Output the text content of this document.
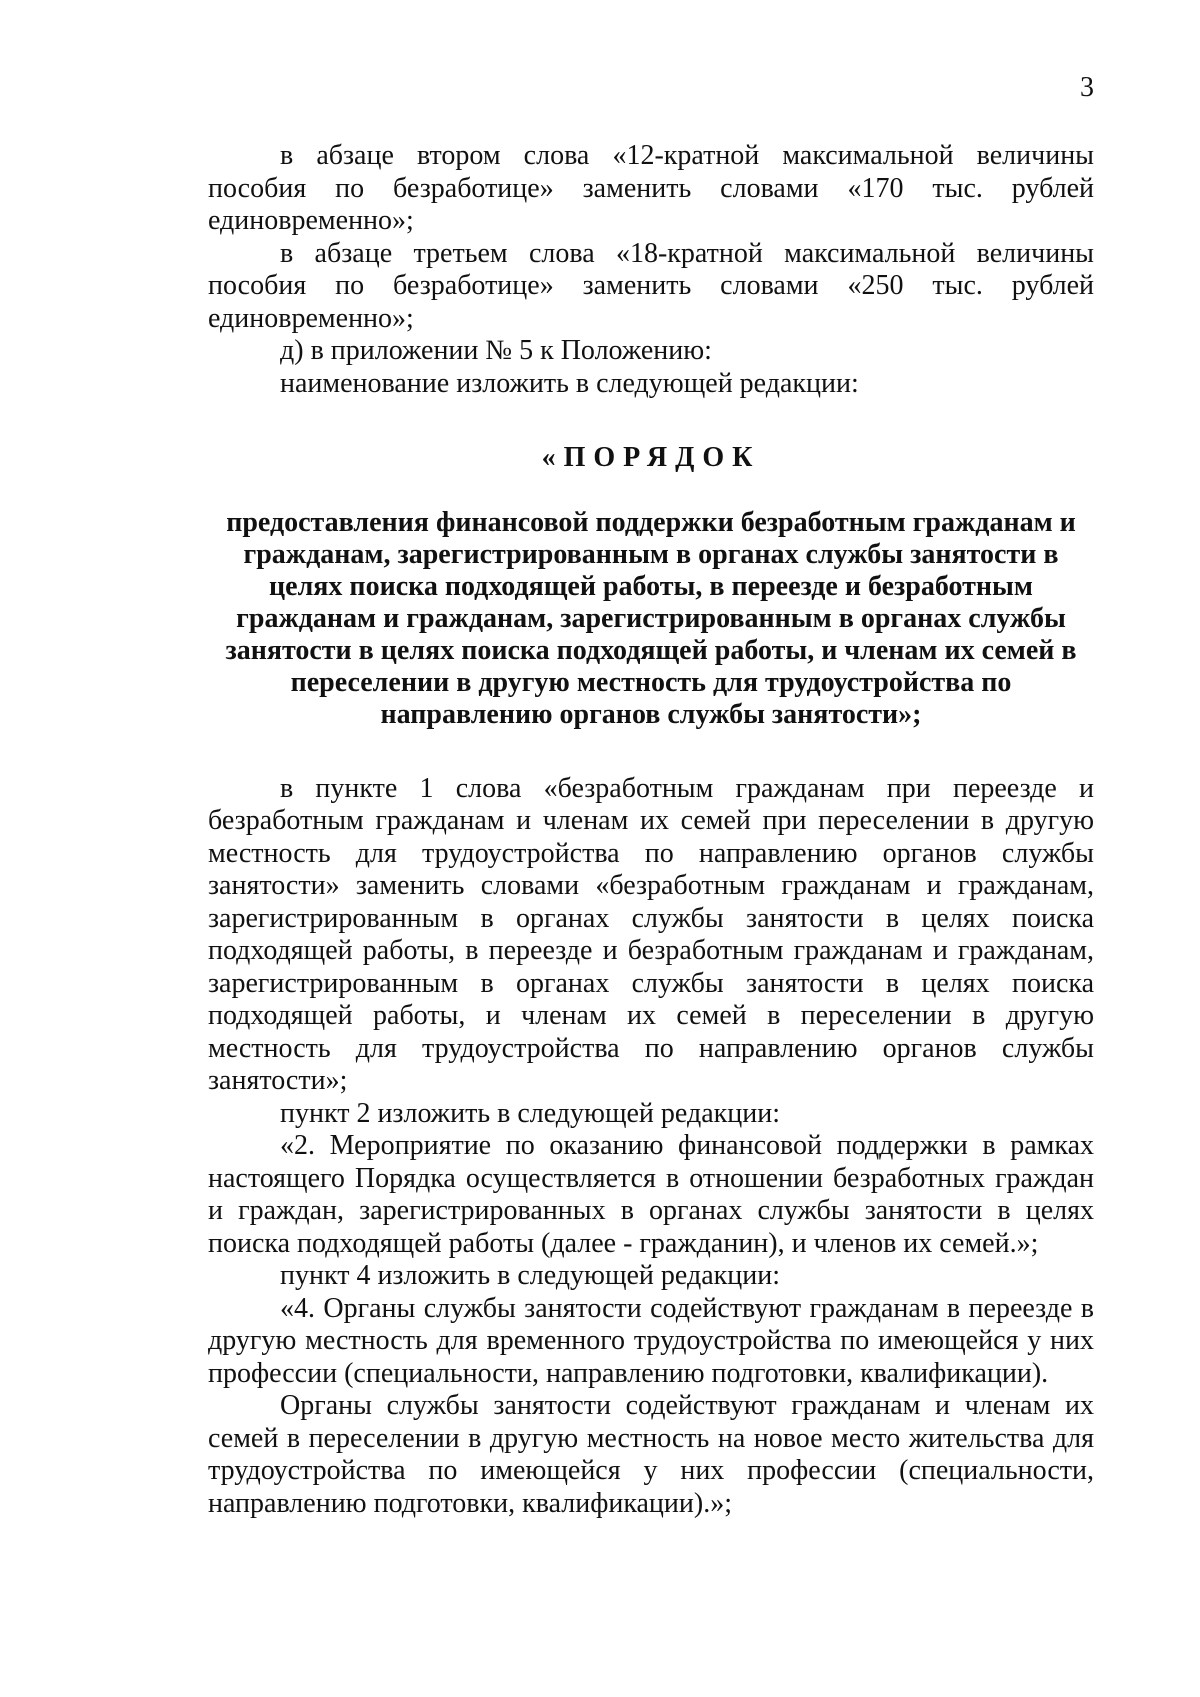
3

в абзаце втором слова «12-кратной максимальной величины пособия по безработице» заменить словами «170 тыс. рублей единовременно»;

в абзаце третьем слова «18-кратной максимальной величины пособия по безработице» заменить словами «250 тыс. рублей единовременно»;

д) в приложении № 5 к Положению:

наименование изложить в следующей редакции:

«ПОРЯДОК

предоставления финансовой поддержки безработным гражданам и гражданам, зарегистрированным в органах службы занятости в целях поиска подходящей работы, в переезде и безработным гражданам и гражданам, зарегистрированным в органах службы занятости в целях поиска подходящей работы, и членам их семей в переселении в другую местность для трудоустройства по направлению органов службы занятости»;

в пункте 1 слова «безработным гражданам при переезде и безработным гражданам и членам их семей при переселении в другую местность для трудоустройства по направлению органов службы занятости» заменить словами «безработным гражданам и гражданам, зарегистрированным в органах службы занятости в целях поиска подходящей работы, в переезде и безработным гражданам и гражданам, зарегистрированным в органах службы занятости в целях поиска подходящей работы, и членам их семей в переселении в другую местность для трудоустройства по направлению органов службы занятости»;

пункт 2 изложить в следующей редакции:

«2. Мероприятие по оказанию финансовой поддержки в рамках настоящего Порядка осуществляется в отношении безработных граждан и граждан, зарегистрированных в органах службы занятости в целях поиска подходящей работы (далее - гражданин), и членов их семей.»;

пункт 4 изложить в следующей редакции:

«4. Органы службы занятости содействуют гражданам в переезде в другую местность для временного трудоустройства по имеющейся у них профессии (специальности, направлению подготовки, квалификации).

Органы службы занятости содействуют гражданам и членам их семей в переселении в другую местность на новое место жительства для трудоустройства по имеющейся у них профессии (специальности, направлению подготовки, квалификации).»;
